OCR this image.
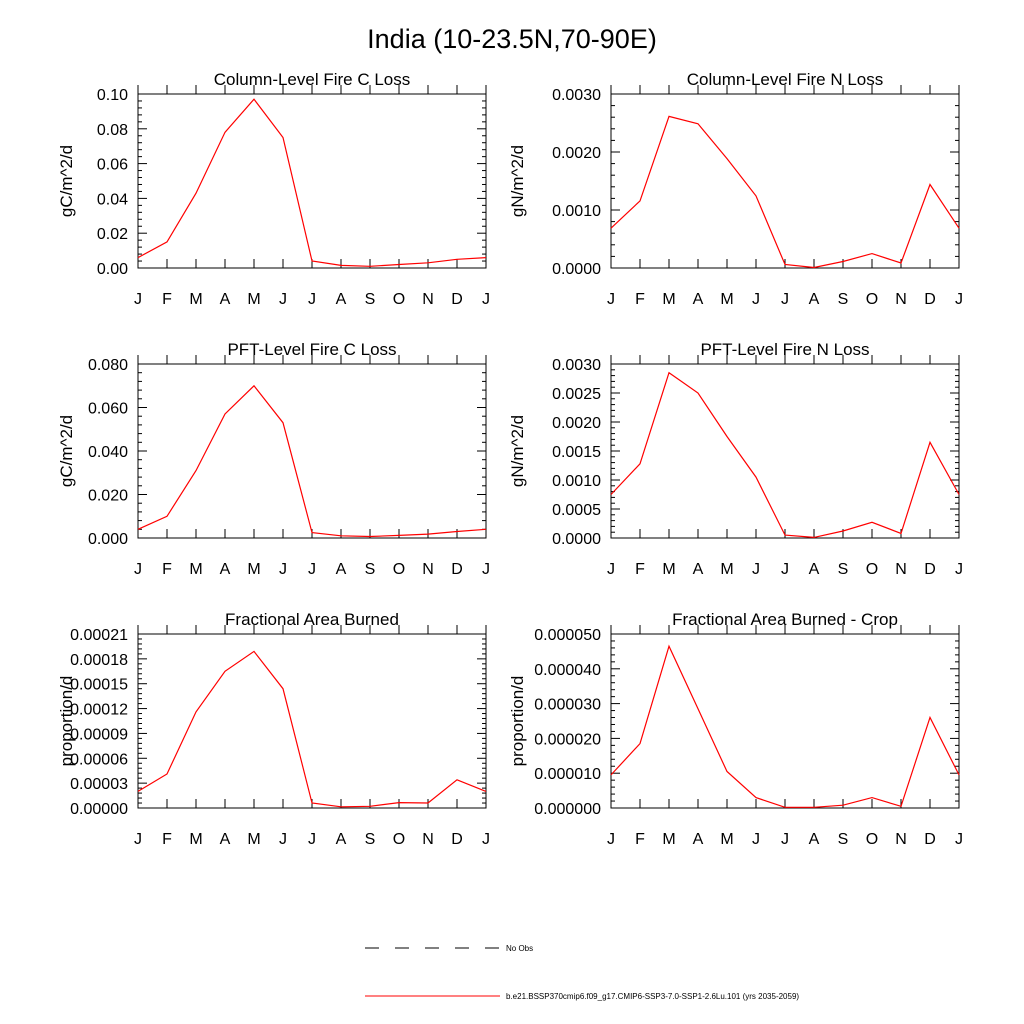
India (10-23.5N,70-90E)
Column-Level Fire C Loss
gC/m^2/d
J F M A M J J A S O N D J
0.00
0.02
0.04
0.06
0.08
0.10
Column-Level Fire N Loss
gN/m^2/d
J F M A M J J A S O N D J
0.0000
0.0010
0.0020
0.0030
PFT-Level Fire C Loss
gC/m^2/d
J F M A M J J A S O N D J
0.000
0.020
0.040
0.060
0.080
PFT-Level Fire N Loss
gN/m^2/d
J F M A M J J A S O N D J
0.0000
0.0005
0.0010
0.0015
0.0020
0.0025
0.0030
Fractional Area Burned
proportion/d
J F M A M J J A S O N D J
0.00000
0.00003
0.00006
0.00009
0.00012
0.00015
0.00018
0.00021
Fractional Area Burned - Crop
proportion/d
J F M A M J J A S O N D J
0.000000
0.000010
0.000020
0.000030
0.000040
0.000050
No Obs
b.e21.BSSP370cmip6.f09_g17.CMIP6-SSP3-7.0-SSP1-2.6Lu.101 (yrs 2035-2059)
